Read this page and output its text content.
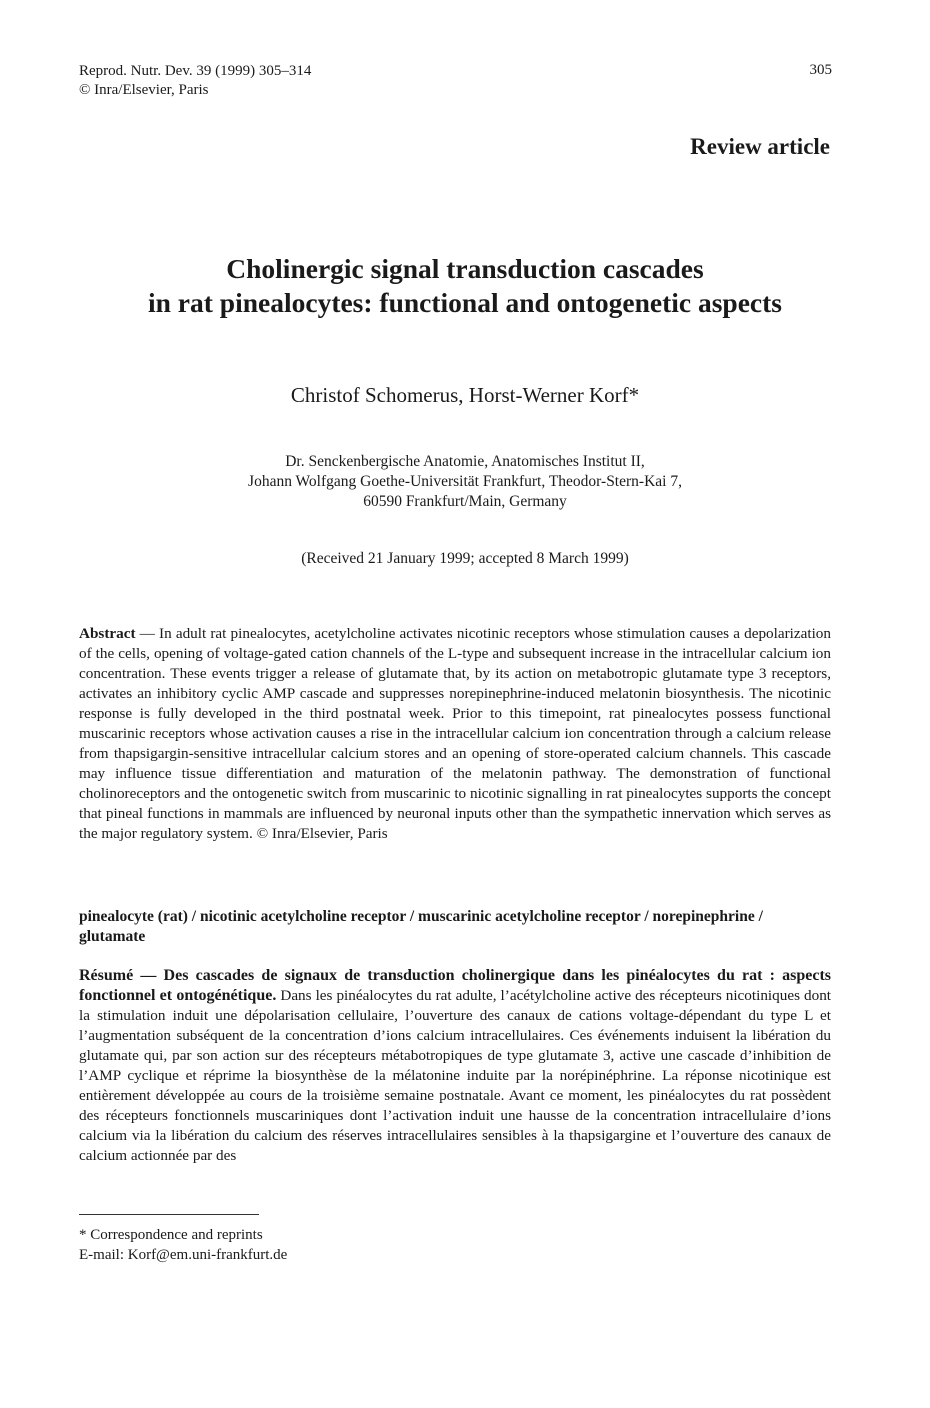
Reprod. Nutr. Dev. 39 (1999) 305–314
© Inra/Elsevier, Paris
305
Review article
Cholinergic signal transduction cascades
in rat pinealocytes: functional and ontogenetic aspects
Christof Schomerus, Horst-Werner Korf*
Dr. Senckenbergische Anatomie, Anatomisches Institut II,
Johann Wolfgang Goethe-Universität Frankfurt, Theodor-Stern-Kai 7,
60590 Frankfurt/Main, Germany
(Received 21 January 1999; accepted 8 March 1999)
Abstract — In adult rat pinealocytes, acetylcholine activates nicotinic receptors whose stimulation causes a depolarization of the cells, opening of voltage-gated cation channels of the L-type and subsequent increase in the intracellular calcium ion concentration. These events trigger a release of glutamate that, by its action on metabotropic glutamate type 3 receptors, activates an inhibitory cyclic AMP cascade and suppresses norepinephrine-induced melatonin biosynthesis. The nicotinic response is fully developed in the third postnatal week. Prior to this timepoint, rat pinealocytes possess functional muscarinic receptors whose activation causes a rise in the intracellular calcium ion concentration through a calcium release from thapsigargin-sensitive intracellular calcium stores and an opening of store-operated calcium channels. This cascade may influence tissue differentiation and maturation of the melatonin pathway. The demonstration of functional cholinoreceptors and the ontogenetic switch from muscarinic to nicotinic signalling in rat pinealocytes supports the concept that pineal functions in mammals are influenced by neuronal inputs other than the sympathetic innervation which serves as the major regulatory system. © Inra/Elsevier, Paris
pinealocyte (rat) / nicotinic acetylcholine receptor / muscarinic acetylcholine receptor / norepinephrine / glutamate
Résumé — Des cascades de signaux de transduction cholinergique dans les pinéalocytes du rat : aspects fonctionnel et ontogénétique. Dans les pinéalocytes du rat adulte, l’acétylcholine active des récepteurs nicotiniques dont la stimulation induit une dépolarisation cellulaire, l’ouverture des canaux de cations voltage-dépendant du type L et l’augmentation subséquent de la concentration d’ions calcium intracellulaires. Ces événements induisent la libération du glutamate qui, par son action sur des récepteurs métabotropiques de type glutamate 3, active une cascade d’inhibition de l’AMP cyclique et réprime la biosynthèse de la mélatonine induite par la norépinéphrine. La réponse nicotinique est entièrement développée au cours de la troisième semaine postnatale. Avant ce moment, les pinéalocytes du rat possèdent des récepteurs fonctionnels muscariniques dont l’activation induit une hausse de la concentration intracellulaire d’ions calcium via la libération du calcium des réserves intracellulaires sensibles à la thapsigargine et l’ouverture des canaux de calcium actionnée par des
* Correspondence and reprints
E-mail: Korf@em.uni-frankfurt.de
